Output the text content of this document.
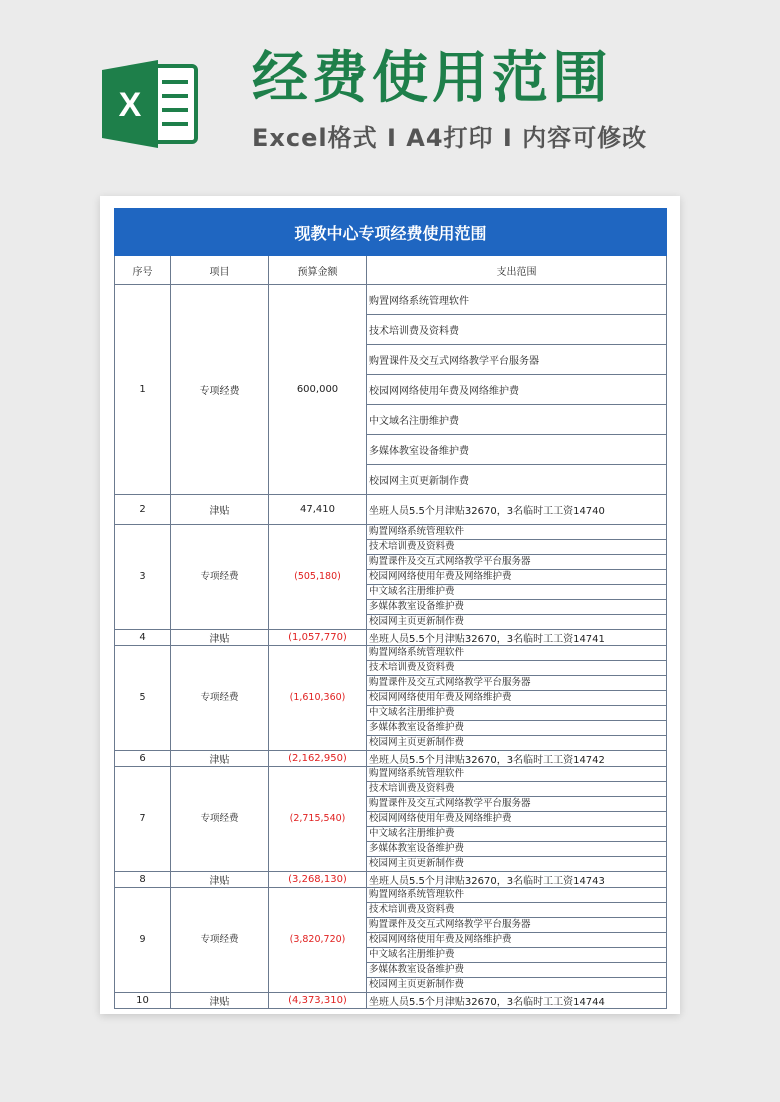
X 经费使用范围
Excel格式 I A4打印 I 内容可修改
现教中心专项经费使用范围			
序号	项目	预算金额	支出范围
1	专项经费	600,000	购置网络系统管理软件
			技术培训费及资料费
			购置课件及交互式网络教学平台服务器
			校园网网络使用年费及网络维护费
			中文域名注册维护费
			多媒体教室设备维护费
			校园网主页更新制作费
2	津贴	47,410	坐班人员5.5个月津贴32670，3名临时工工资14740
3	专项经费	(505,180)	购置网络系统管理软件
			技术培训费及资料费
			购置课件及交互式网络教学平台服务器
			校园网网络使用年费及网络维护费
			中文域名注册维护费
			多媒体教室设备维护费
			校园网主页更新制作费
4	津贴	(1,057,770)	坐班人员5.5个月津贴32670，3名临时工工资14741
5	专项经费	(1,610,360)	购置网络系统管理软件
			技术培训费及资料费
			购置课件及交互式网络教学平台服务器
			校园网网络使用年费及网络维护费
			中文域名注册维护费
			多媒体教室设备维护费
			校园网主页更新制作费
6	津贴	(2,162,950)	坐班人员5.5个月津贴32670，3名临时工工资14742
7	专项经费	(2,715,540)	购置网络系统管理软件
			技术培训费及资料费
			购置课件及交互式网络教学平台服务器
			校园网网络使用年费及网络维护费
			中文域名注册维护费
			多媒体教室设备维护费
			校园网主页更新制作费
8	津贴	(3,268,130)	坐班人员5.5个月津贴32670，3名临时工工资14743
9	专项经费	(3,820,720)	购置网络系统管理软件
			技术培训费及资料费
			购置课件及交互式网络教学平台服务器
			校园网网络使用年费及网络维护费
			中文域名注册维护费
			多媒体教室设备维护费
			校园网主页更新制作费
10	津贴	(4,373,310)	坐班人员5.5个月津贴32670，3名临时工工资14744
